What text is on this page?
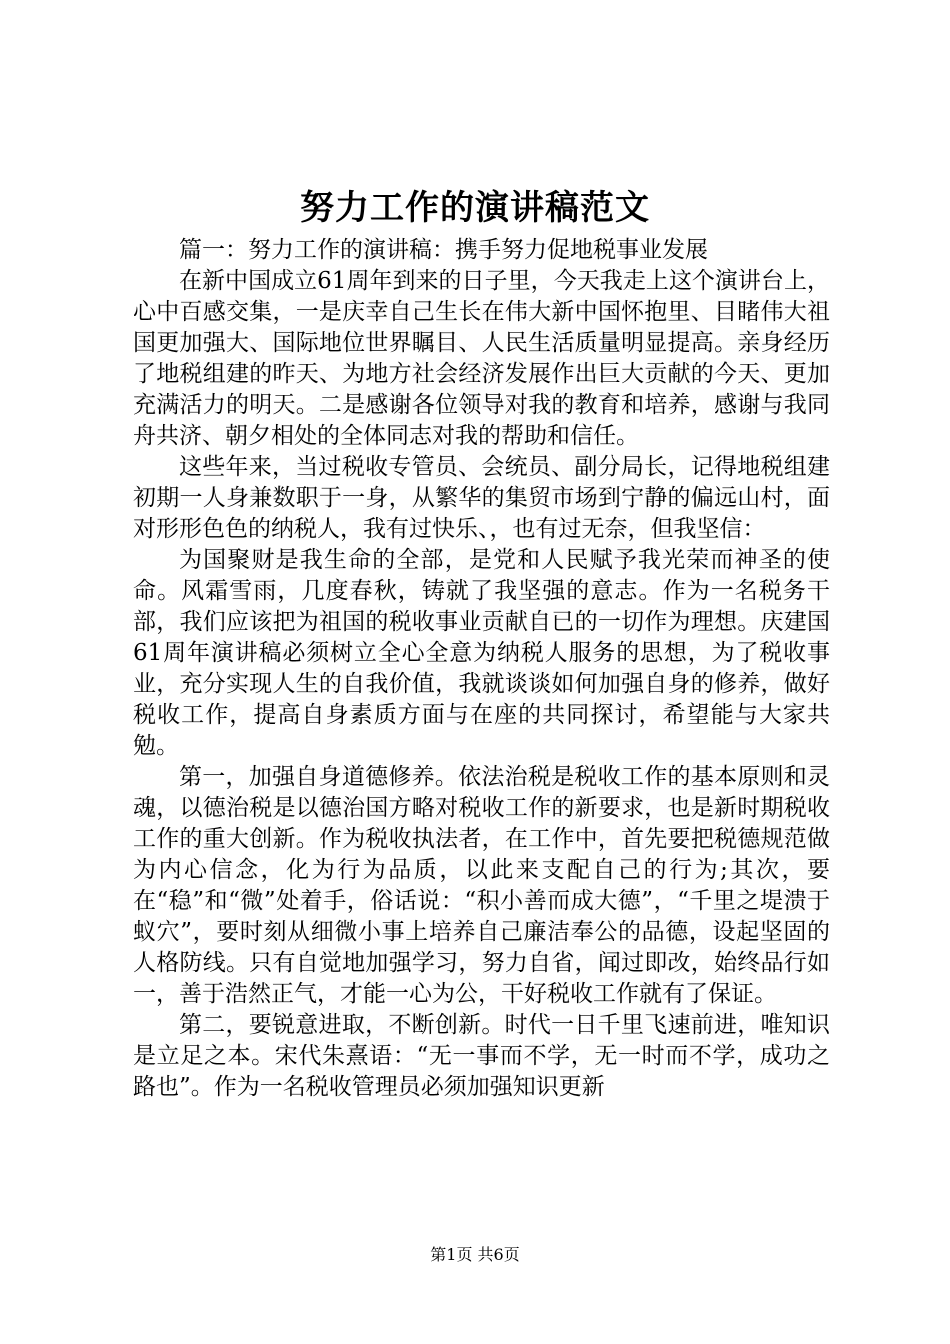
努力工作的演讲稿范文

篇一：努力工作的演讲稿：携手努力促地税事业发展

在新中国成立61周年到来的日子里，今天我走上这个演讲台上，心中百感交集，一是庆幸自己生长在伟大新中国怀抱里、目睹伟大祖国更加强大、国际地位世界瞩目、人民生活质量明显提高。亲身经历了地税组建的昨天、为地方社会经济发展作出巨大贡献的今天、更加充满活力的明天。二是感谢各位领导对我的教育和培养，感谢与我同舟共济、朝夕相处的全体同志对我的帮助和信任。

这些年来，当过税收专管员、会统员、副分局长，记得地税组建初期一人身兼数职于一身，从繁华的集贸市场到宁静的偏远山村，面对形形色色的纳税人，我有过快乐、，也有过无奈，但我坚信：

为国聚财是我生命的全部，是党和人民赋予我光荣而神圣的使命。风霜雪雨，几度春秋，铸就了我坚强的意志。作为一名税务干部，我们应该把为祖国的税收事业贡献自已的一切作为理想。庆建国61周年演讲稿必须树立全心全意为纳税人服务的思想，为了税收事业，充分实现人生的自我价值，我就谈谈如何加强自身的修养，做好税收工作，提高自身素质方面与在座的共同探讨，希望能与大家共勉。

第一，加强自身道德修养。依法治税是税收工作的基本原则和灵魂，以德治税是以德治国方略对税收工作的新要求，也是新时期税收工作的重大创新。作为税收执法者，在工作中，首先要把税德规范做为内心信念，化为行为品质，以此来支配自己的行为;其次，要在“稳”和“微”处着手，俗话说：“积小善而成大德”，“千里之堤溃于蚁穴”，要时刻从细微小事上培养自己廉洁奉公的品德，设起坚固的人格防线。只有自觉地加强学习，努力自省，闻过即改，始终品行如一，善于浩然正气，才能一心为公，干好税收工作就有了保证。

第二，要锐意进取，不断创新。时代一日千里飞速前进，唯知识是立足之本。宋代朱熹语：“无一事而不学，无一时而不学，成功之路也”。作为一名税收管理员必须加强知识更新

第1页 共6页
